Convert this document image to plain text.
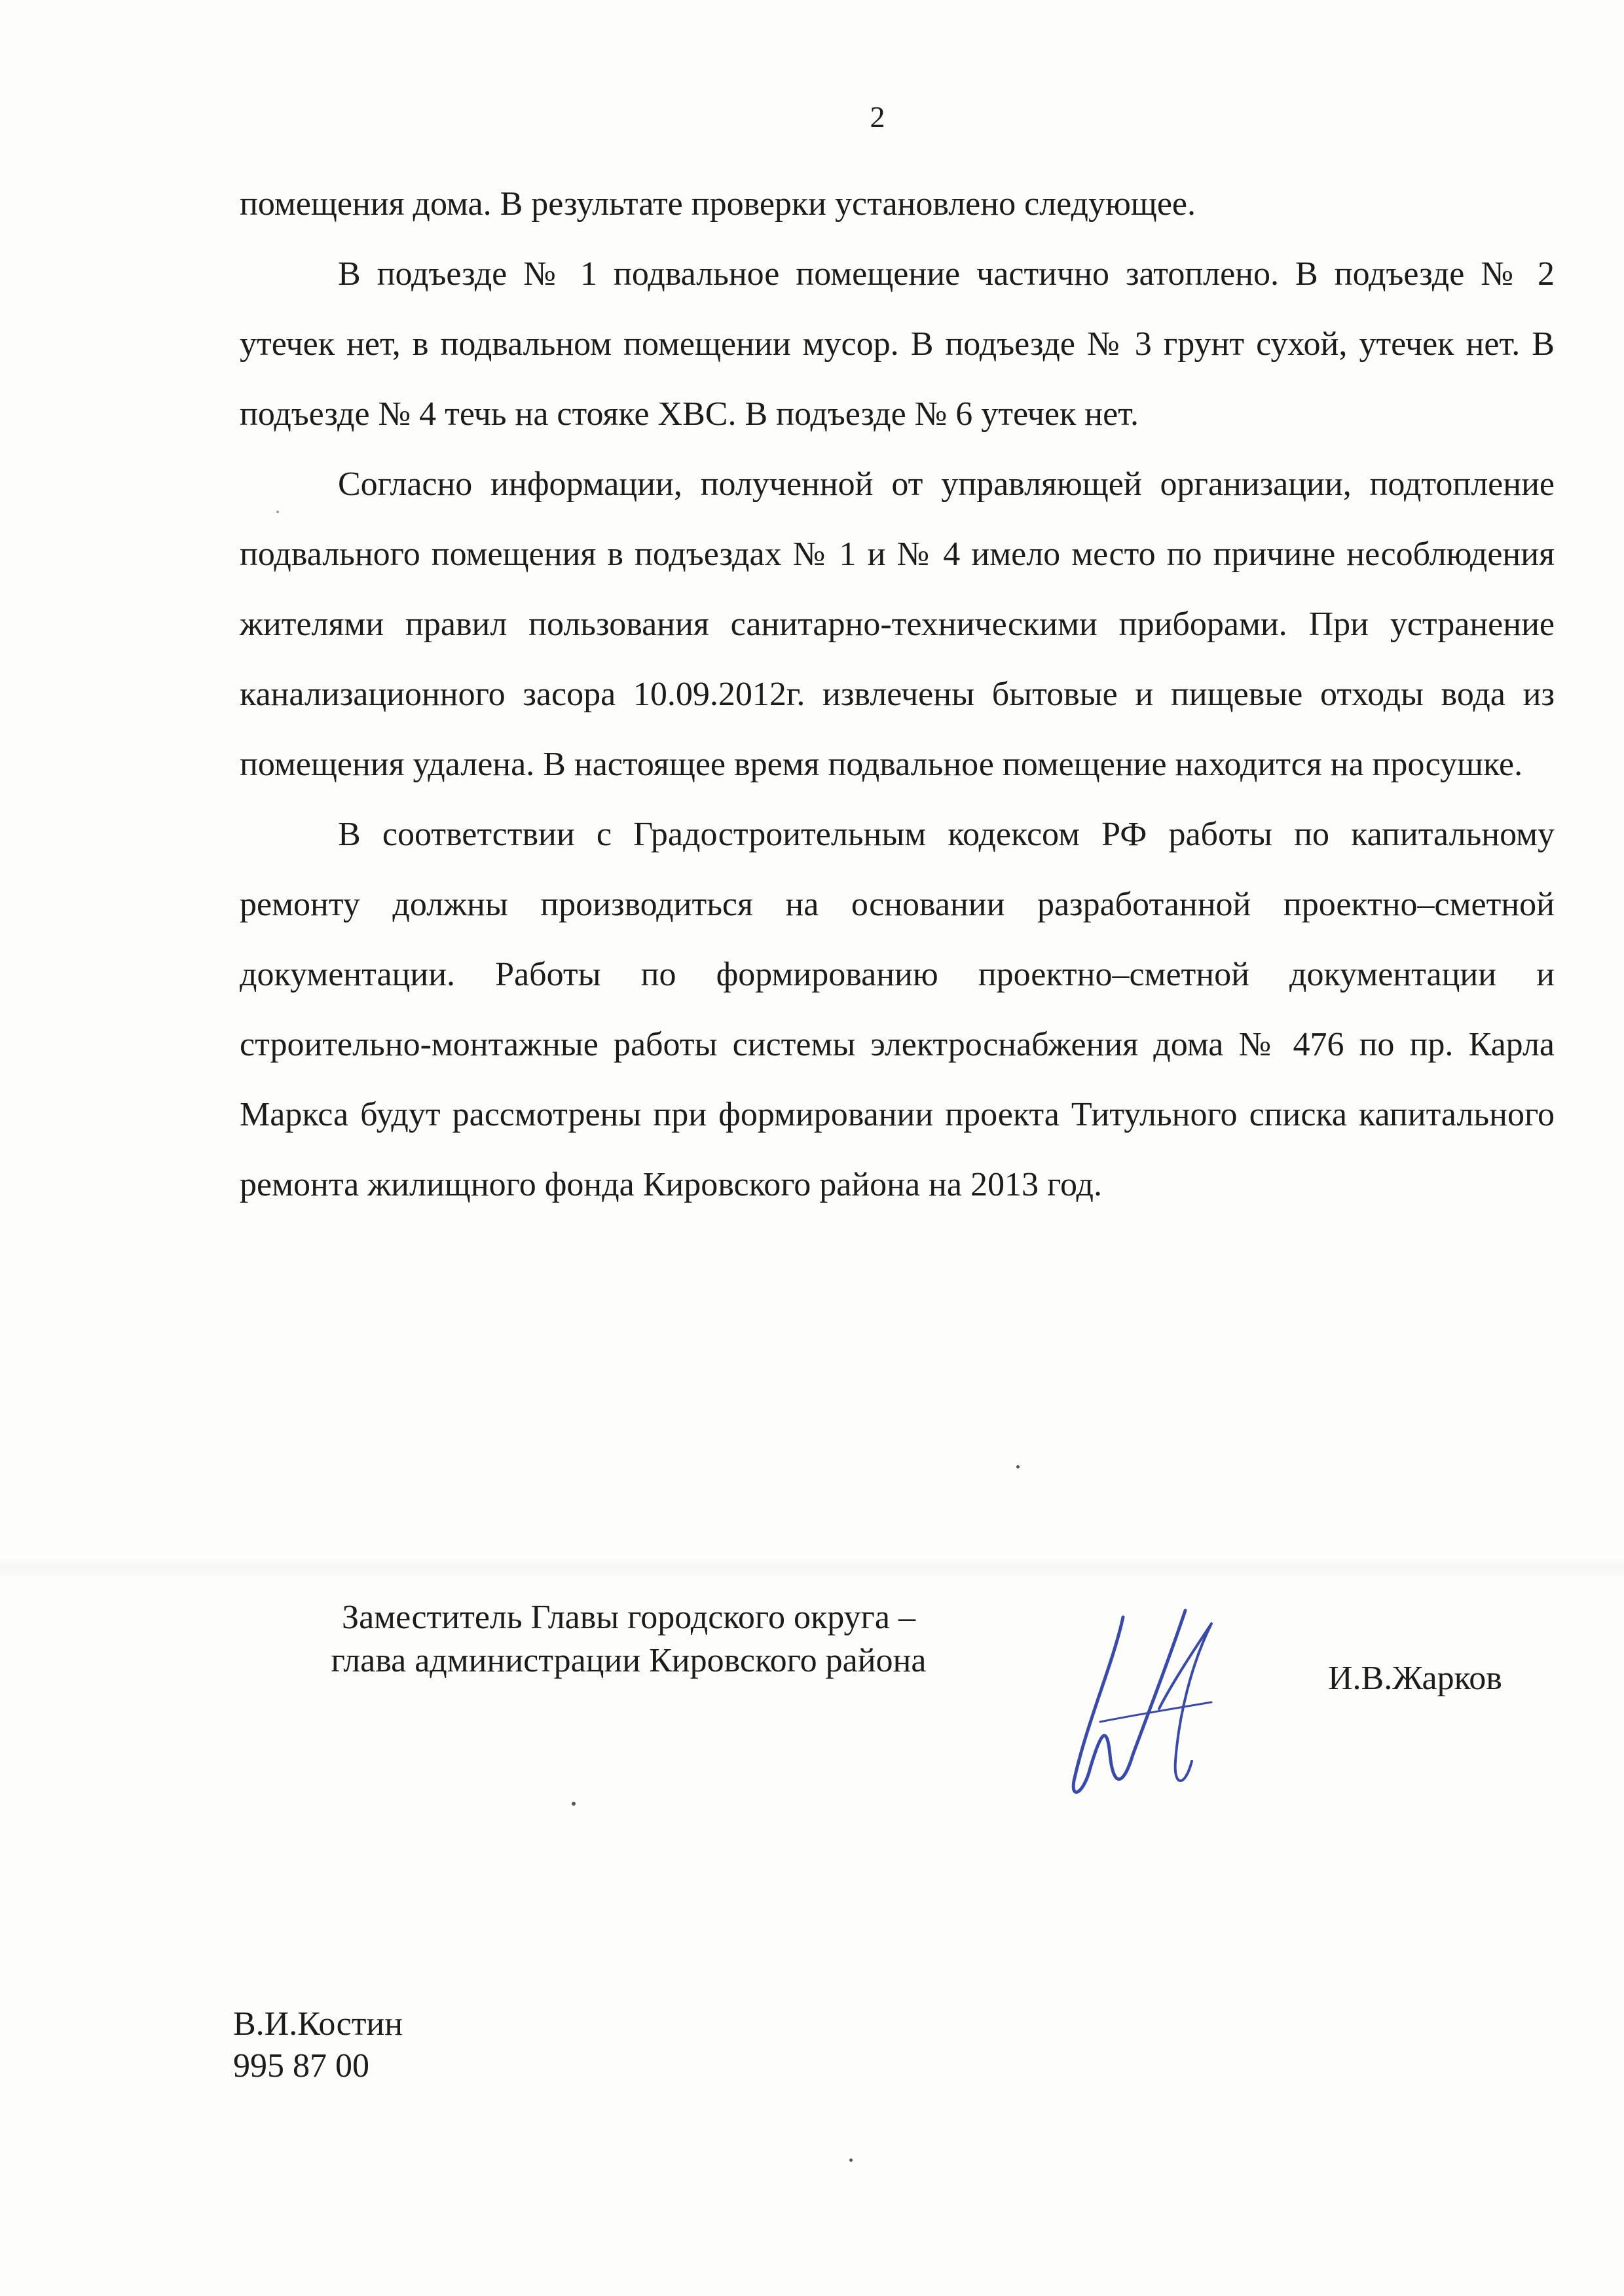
2

помещения дома. В результате проверки установлено следующее.

В подъезде № 1 подвальное помещение частично затоплено. В подъезде № 2 утечек нет, в подвальном помещении мусор. В подъезде № 3 грунт сухой, утечек нет. В подъезде № 4 течь на стояке ХВС. В подъезде № 6 утечек нет.

Согласно информации, полученной от управляющей организации, подтопление подвального помещения в подъездах № 1 и № 4 имело место по причине несоблюдения жителями правил пользования санитарно-техническими приборами. При устранение канализационного засора 10.09.2012г. извлечены бытовые и пищевые отходы вода из помещения удалена. В настоящее время подвальное помещение находится на просушке.

В соответствии с Градостроительным кодексом РФ работы по капитальному ремонту должны производиться на основании разработанной проектно–сметной документации. Работы по формированию проектно–сметной документации и строительно-монтажные работы системы электроснабжения дома № 476 по пр. Карла Маркса будут рассмотрены при формировании проекта Титульного списка капитального ремонта жилищного фонда Кировского района на 2013 год.

Заместитель Главы городского округа –
глава администрации Кировского района	И.В.Жарков
В.И.Костин
995 87 00
